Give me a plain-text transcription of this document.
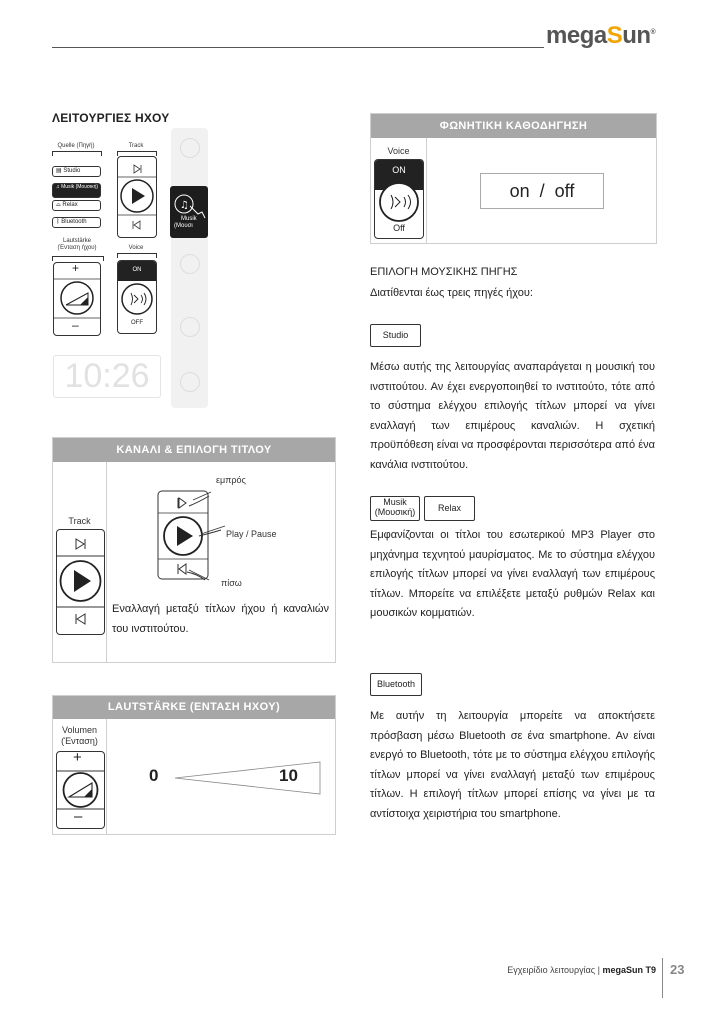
megaSun®
ΛΕΙΤΟΥΡΓΙΕΣ ΗΧΟΥ
Quelle (Πηγή)	Track
▤ Studio
♫ Musik (Μουσική)
⌓ Relax
ᛒ Bluetooth
♫
Musik
(Μουσι
Lautstärke
(Ένταση ήχου)	Voice
+
–
ON
OFF
10:26
ΦΩΝΗΤΙΚΗ ΚΑΘΟΔΗΓΗΣΗ
Voice
ON
Off
on  /  off
ΕΠΙΛΟΓΗ ΜΟΥΣΙΚΗΣ ΠΗΓΗΣ
Διατίθενται έως τρεις πηγές ήχου:
Studio
Μέσω αυτής της λειτουργίας αναπαράγεται η μουσική του ινστιτούτου. Αν έχει ενεργοποιηθεί το ινστιτούτο, τότε από το σύστημα ελέγχου επιλογής τίτλων μπορεί να γίνει εναλλαγή των επιμέρους καναλιών. Η σχετική προϋπόθεση είναι να προσφέρονται περισσότερα από ένα κανάλια ινστιτούτου.
Musik
(Μουσική)	Relax
Εμφανίζονται οι τίτλοι του εσωτερικού MP3 Player στο μηχάνημα τεχνητού μαυρίσματος. Με το σύστημα ελέγχου επιλογής τίτλων μπορεί να γίνει εναλλαγή των επιμέρους τίτλων. Μπορείτε να επιλέξετε μεταξύ ρυθμών Relax και μουσικών κομματιών.
Bluetooth
Με αυτήν τη λειτουργία μπορείτε να αποκτήσετε πρόσβαση μέσω Bluetooth σε ένα smartphone. Αν είναι ενεργό το Bluetooth, τότε με το σύστημα ελέγχου επιλογής τίτλων μπορεί να γίνει εναλλαγή μεταξύ των επιμέρους τίτλων. Η επιλογή τίτλων μπορεί επίσης να γίνει με τα αντίστοιχα χειριστήρια του smartphone.
ΚΑΝΑΛΙ & ΕΠΙΛΟΓΗ ΤΙΤΛΟΥ
Track
εμπρός
Play / Pause
πίσω
Εναλλαγή μεταξύ τίτλων ήχου ή καναλιών του ινστιτούτου.
LAUTSTÄRKE (ΕΝΤΑΣΗ ΗΧΟΥ)
Volumen
(Ένταση)
+
–
0	10
Εγχειρίδιο λειτουργίας | megaSun T9 23
